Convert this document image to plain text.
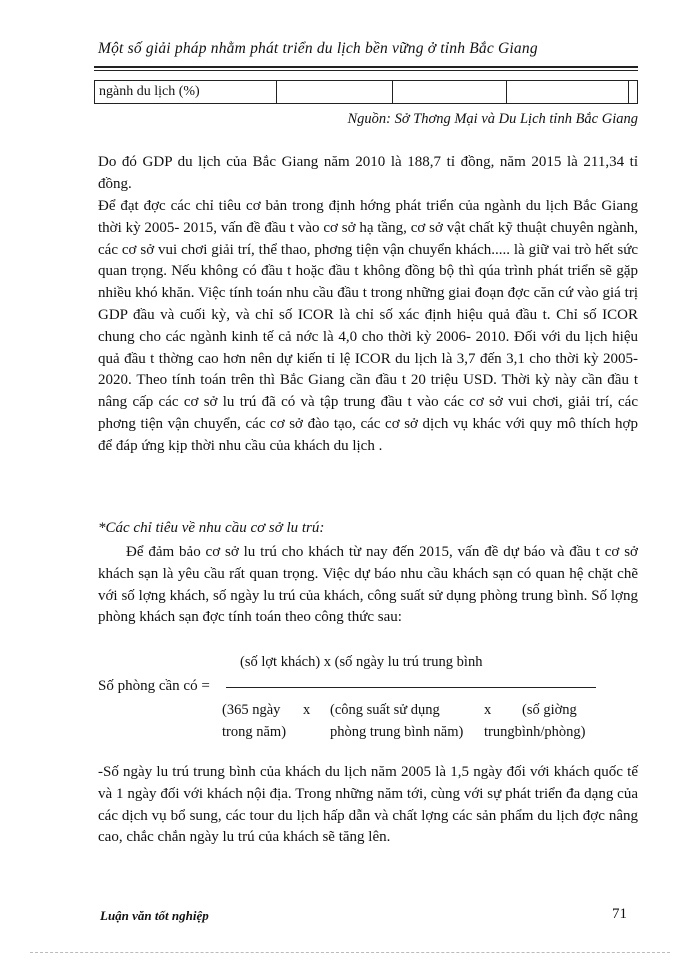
Một số giải pháp nhằm phát triển du lịch bền vững ở tỉnh Bắc Giang
ngành du lịch (%)				
Nguồn: Sở Thơng Mại và Du Lịch tỉnh Bắc Giang
Do đó GDP du lịch của Bắc Giang năm 2010 là 188,7 tỉ đồng, năm 2015 là 211,34 tỉ đồng.
Để đạt đợc các chỉ tiêu cơ bản trong định hớng phát triển của ngành du lịch Bắc Giang thời kỳ 2005- 2015, vấn đề đầu t vào cơ sở hạ tầng, cơ sở vật chất kỹ thuật chuyên ngành, các cơ sở vui chơi giải trí, thể thao, phơng tiện vận chuyển khách..... là giữ vai trò hết sức quan trọng. Nếu không có đầu t hoặc đầu t không đồng bộ thì qúa trình phát triển sẽ gặp nhiều khó khăn. Việc tính toán nhu cầu đầu t trong những giai đoạn đợc căn cứ vào giá trị GDP đầu và cuối kỳ, và chỉ số ICOR là chỉ số xác định hiệu quả đầu t. Chỉ số ICOR chung cho các ngành kinh tế cả nớc là 4,0 cho thời kỳ 2006- 2010. Đối với du lịch hiệu quả đầu t thờng cao hơn nên dự kiến tỉ lệ ICOR du lịch là 3,7 đến 3,1 cho thời kỳ 2005- 2020. Theo tính toán trên thì Bắc Giang cần đầu t 20 triệu USD. Thời kỳ này cần đầu t nâng cấp các cơ sở lu trú đã có và tập trung đầu t vào các cơ sở vui chơi, giải trí, các phơng tiện vận chuyển, các cơ sở đào tạo, các cơ sở dịch vụ khác với quy mô thích hợp để đáp ứng kịp thời nhu cầu của khách du lịch .
*Các chỉ tiêu về nhu cầu cơ sở lu trú:
Để đảm bảo cơ sở lu trú cho khách từ nay đến 2015, vấn đề dự báo và đầu t cơ sở khách sạn là yêu cầu rất quan trọng. Việc dự báo nhu cầu khách sạn có quan hệ chặt chẽ với số lợng khách, số ngày lu trú của khách, công suất sử dụng phòng trung bình. Số lợng phòng khách sạn đợc tính toán theo công thức sau:
(số lợt khách) x (số ngày lu trú trung bình
Số phòng cần có =
(365 ngày x (công suất sử dụng	x (số giờng
trong năm)	phòng trung bình năm) trungbình/phòng)
-Số ngày lu trú trung bình của khách du lịch năm 2005 là 1,5 ngày đối với khách quốc tế và 1 ngày đối với khách nội địa. Trong những năm tới, cùng với sự phát triển đa dạng của các dịch vụ bổ sung, các tour du lịch hấp dẫn và chất lợng các sản phẩm du lịch đợc nâng cao, chắc chắn ngày lu trú của khách sẽ tăng lên.
Luận văn tốt nghiệp	71
